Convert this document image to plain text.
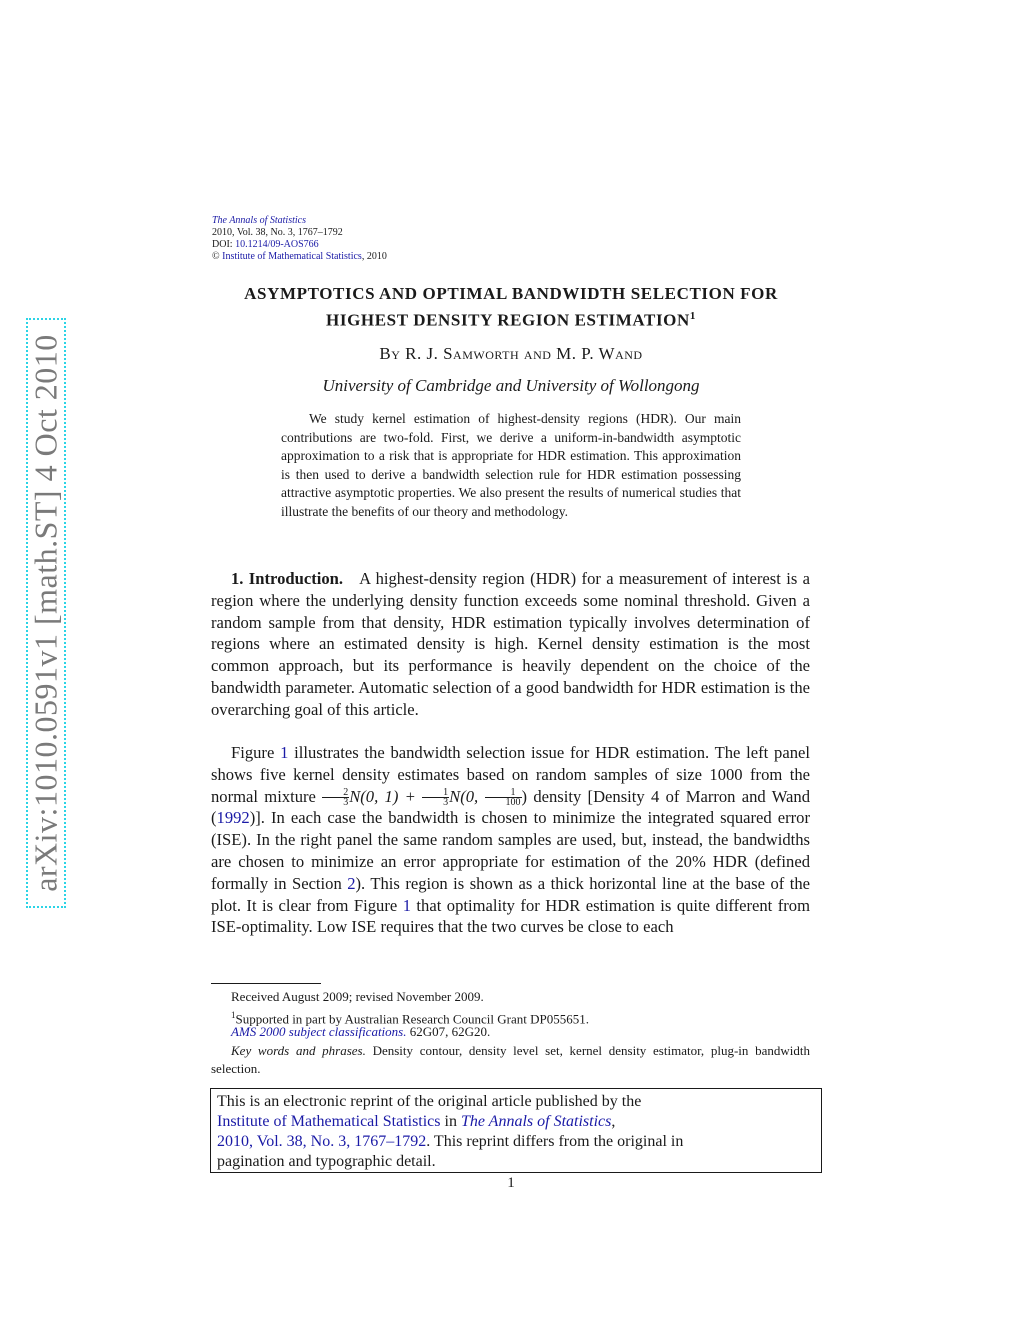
arXiv:1010.0591v1 [math.ST] 4 Oct 2010
The Annals of Statistics
2010, Vol. 38, No. 3, 1767–1792
DOI: 10.1214/09-AOS766
© Institute of Mathematical Statistics, 2010
ASYMPTOTICS AND OPTIMAL BANDWIDTH SELECTION FOR
HIGHEST DENSITY REGION ESTIMATION$^1$
By R. J. Samworth and M. P. Wand
University of Cambridge and University of Wollongong

We study kernel estimation of highest-density regions (HDR). Our main contributions are two-fold. First, we derive a uniform-in-bandwidth asymptotic approximation to a risk that is appropriate for HDR estimation. This approximation is then used to derive a bandwidth selection rule for HDR estimation possessing attractive asymptotic properties. We also present the results of numerical studies that illustrate the benefits of our theory and methodology.

1. Introduction. A highest-density region (HDR) for a measurement of interest is a region where the underlying density function exceeds some nominal threshold. Given a random sample from that density, HDR estimation typically involves determination of regions where an estimated density is high. Kernel density estimation is the most common approach, but its performance is heavily dependent on the choice of the bandwidth parameter. Automatic selection of a good bandwidth for HDR estimation is the overarching goal of this article.

Figure 1 illustrates the bandwidth selection issue for HDR estimation. The left panel shows five kernel density estimates based on random samples of size 1000 from the normal mixture $\frac{2}{3} N(0$, $1) + \frac{1}{3} N(0$, $\frac{1}{100}$ ) density [Density 4 of Marron and Wand (1992)]. In each case the bandwidth is chosen to minimize the integrated squared error (ISE). In the right panel the same random samples are used, but, instead, the bandwidths are chosen to minimize an error appropriate for estimation of the 20% HDR (defined formally in Section 2). This region is shown as a thick horizontal line at the base of the plot. It is clear from Figure 1 that optimality for HDR estimation is quite different from ISE-optimality. Low ISE requires that the two curves be close to each

Received August 2009; revised November 2009.

$^1$Supported in part by Australian Research Council Grant DP055651.

AMS 2000 subject classifications. 62G07, 62G20.

Key words and phrases. Density contour, density level set, kernel density estimator, plug-in bandwidth selection.

This is an electronic reprint of the original article published by the
Institute of Mathematical Statistics in The Annals of Statistics,
2010, Vol. 38, No. 3, 1767–1792. This reprint differs from the original in
pagination and typographic detail.
1
